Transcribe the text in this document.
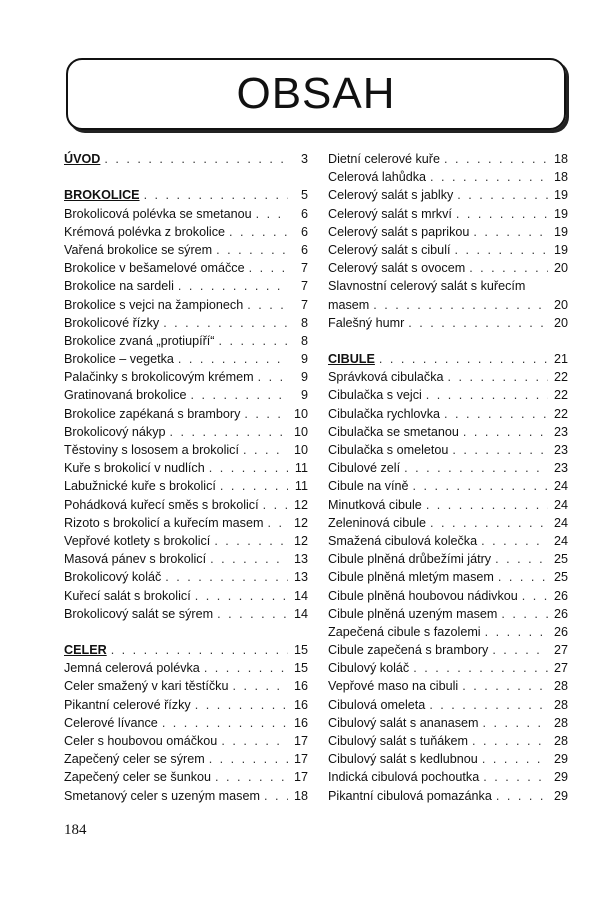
OBSAH
ÚVOD . . .	3
BROKOLICE . . .	5
Brokolicová polévka se smetanou . . .	6
Krémová polévka z brokolice . . .	6
Vařená brokolice se sýrem . . .	6
Brokolice v bešamelové omáčce . . .	7
Brokolice na sardeli . . .	7
Brokolice s vejci na žampionech . . .	7
Brokolicové řízky . . .	8
Brokolice zvaná „protiupíří“ . . .	8
Brokolice – vegetka . . .	9
Palačinky s brokolicovým krémem . . .	9
Gratinovaná brokolice . . .	9
Brokolice zapékaná s brambory . . .	10
Brokolicový nákyp . . .	10
Těstoviny s lososem a brokolicí . . .	10
Kuře s brokolicí v nudlích . . .	11
Labužnické kuře s brokolicí . . .	11
Pohádková kuřecí směs s brokolicí . . .	12
Rizoto s brokolicí a kuřecím masem . . . 12
Vepřové kotlety s brokolicí . . .	12
Masová pánev s brokolicí . . .	13
Brokolicový koláč . . .	13
Kuřecí salát s brokolicí . . .	14
Brokolicový salát se sýrem . . .	14
CELER . . .	15
Jemná celerová polévka . . .	15
Celer smažený v kari těstíčku . . .	16
Pikantní celerové řízky . . .	16
Celerové lívance . . .	16
Celer s houbovou omáčkou . . .	17
Zapečený celer se sýrem . . .	17
Zapečený celer se šunkou . . .	17
Smetanový celer s uzeným masem . . .	18
Dietní celerové kuře . . .	18
Celerová lahůdka . . .	18
Celerový salát s jablky . . .	19
Celerový salát s mrkví . . .	19
Celerový salát s paprikou . . .	19
Celerový salát s cibulí . . .	19
Celerový salát s ovocem . . .	20
Slavnostní celerový salát s kuřecím
masem . . .	20
Falešný humr . . .	20
CIBULE . . .	21
Správková cibulačka . . .	22
Cibulačka s vejci . . .	22
Cibulačka rychlovka . . .	22
Cibulačka se smetanou . . .	23
Cibulačka s omeletou . . .	23
Cibulové zelí . . .	23
Cibule na víně . . .	24
Minutková cibule . . .	24
Zeleninová cibule . . .	24
Smažená cibulová kolečka . . .	24
Cibule plněná drůbežími játry . . .	25
Cibule plněná mletým masem . . .	25
Cibule plněná houbovou nádivkou . . .	26
Cibule plněná uzeným masem . . .	26
Zapečená cibule s fazolemi . . .	26
Cibule zapečená s brambory . . .	27
Cibulový koláč . . .	27
Vepřové maso na cibuli . . .	28
Cibulová omeleta . . .	28
Cibulový salát s ananasem . . .	28
Cibulový salát s tuňákem . . .	28
Cibulový salát s kedlubnou . . .	29
Indická cibulová pochoutka . . .	29
Pikantní cibulová pomazánka . . .	29
184
